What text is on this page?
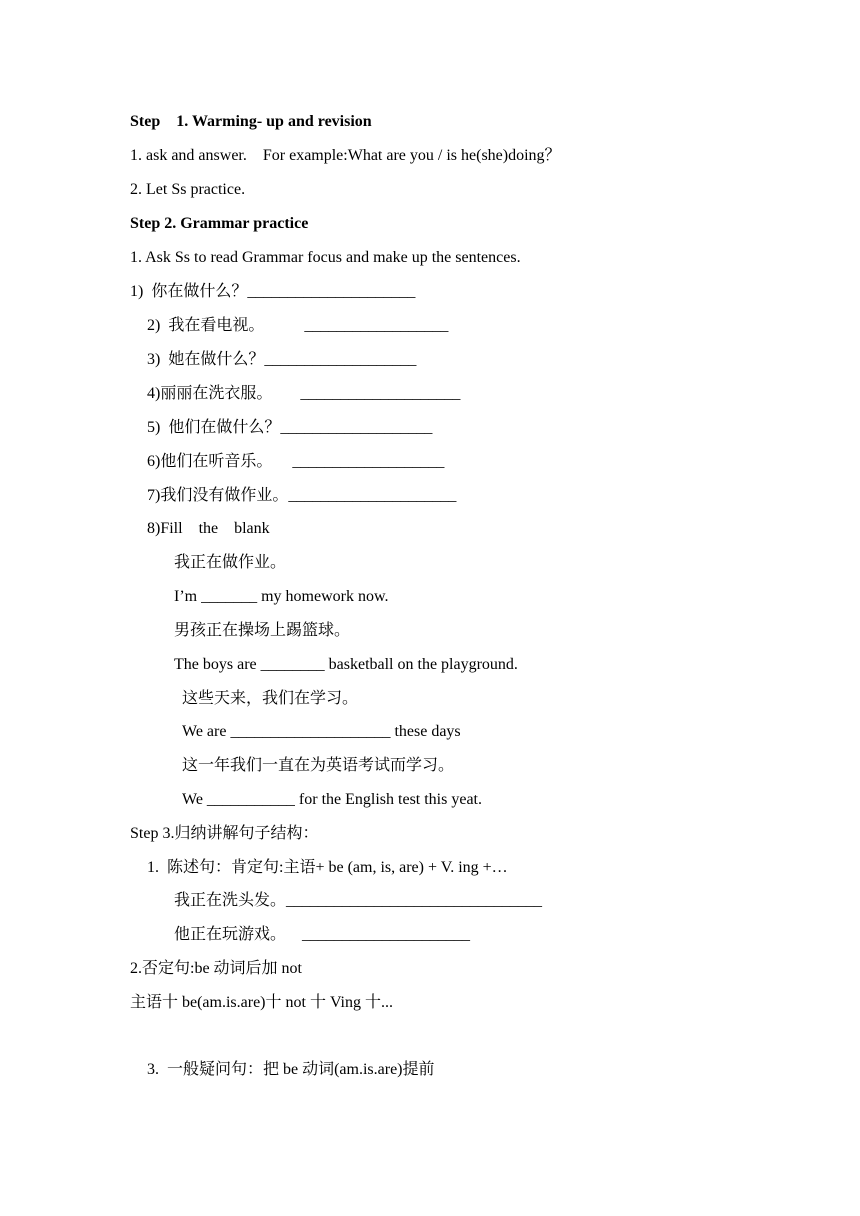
Step    1. Warming- up and revision
1. ask and answer.    For example:What are you / is he(she)doing？
2. Let Ss practice.
Step 2. Grammar practice
1. Ask Ss to read Grammar focus and make up the sentences.
1)  你在做什么？_____________________
2)  我在看电视。          __________________
3)  她在做什么？___________________
4)丽丽在洗衣服。       ____________________
5)  他们在做什么？___________________
6)他们在听音乐。     ___________________
7)我们没有做作业。_____________________
8)Fill    the    blank
我正在做作业。
I’m _______ my homework now.
男孩正在操场上踢篮球。
The boys are ________ basketball on the playground.
这些天来，我们在学习。
We are ____________________ these days
这一年我们一直在为英语考试而学习。
We ___________ for the English test this yeat.
Step 3.归纳讲解句子结构：
1.  陈述句：肯定句:主语+ be (am, is, are) + V. ing +…
我正在洗头发。________________________________
他正在玩游戏。    _____________________
2.否定句:be 动词后加 not
主语十 be(am.is.are)十 not 十 Ving 十...
3.  一般疑问句：把 be 动词(am.is.are)提前
